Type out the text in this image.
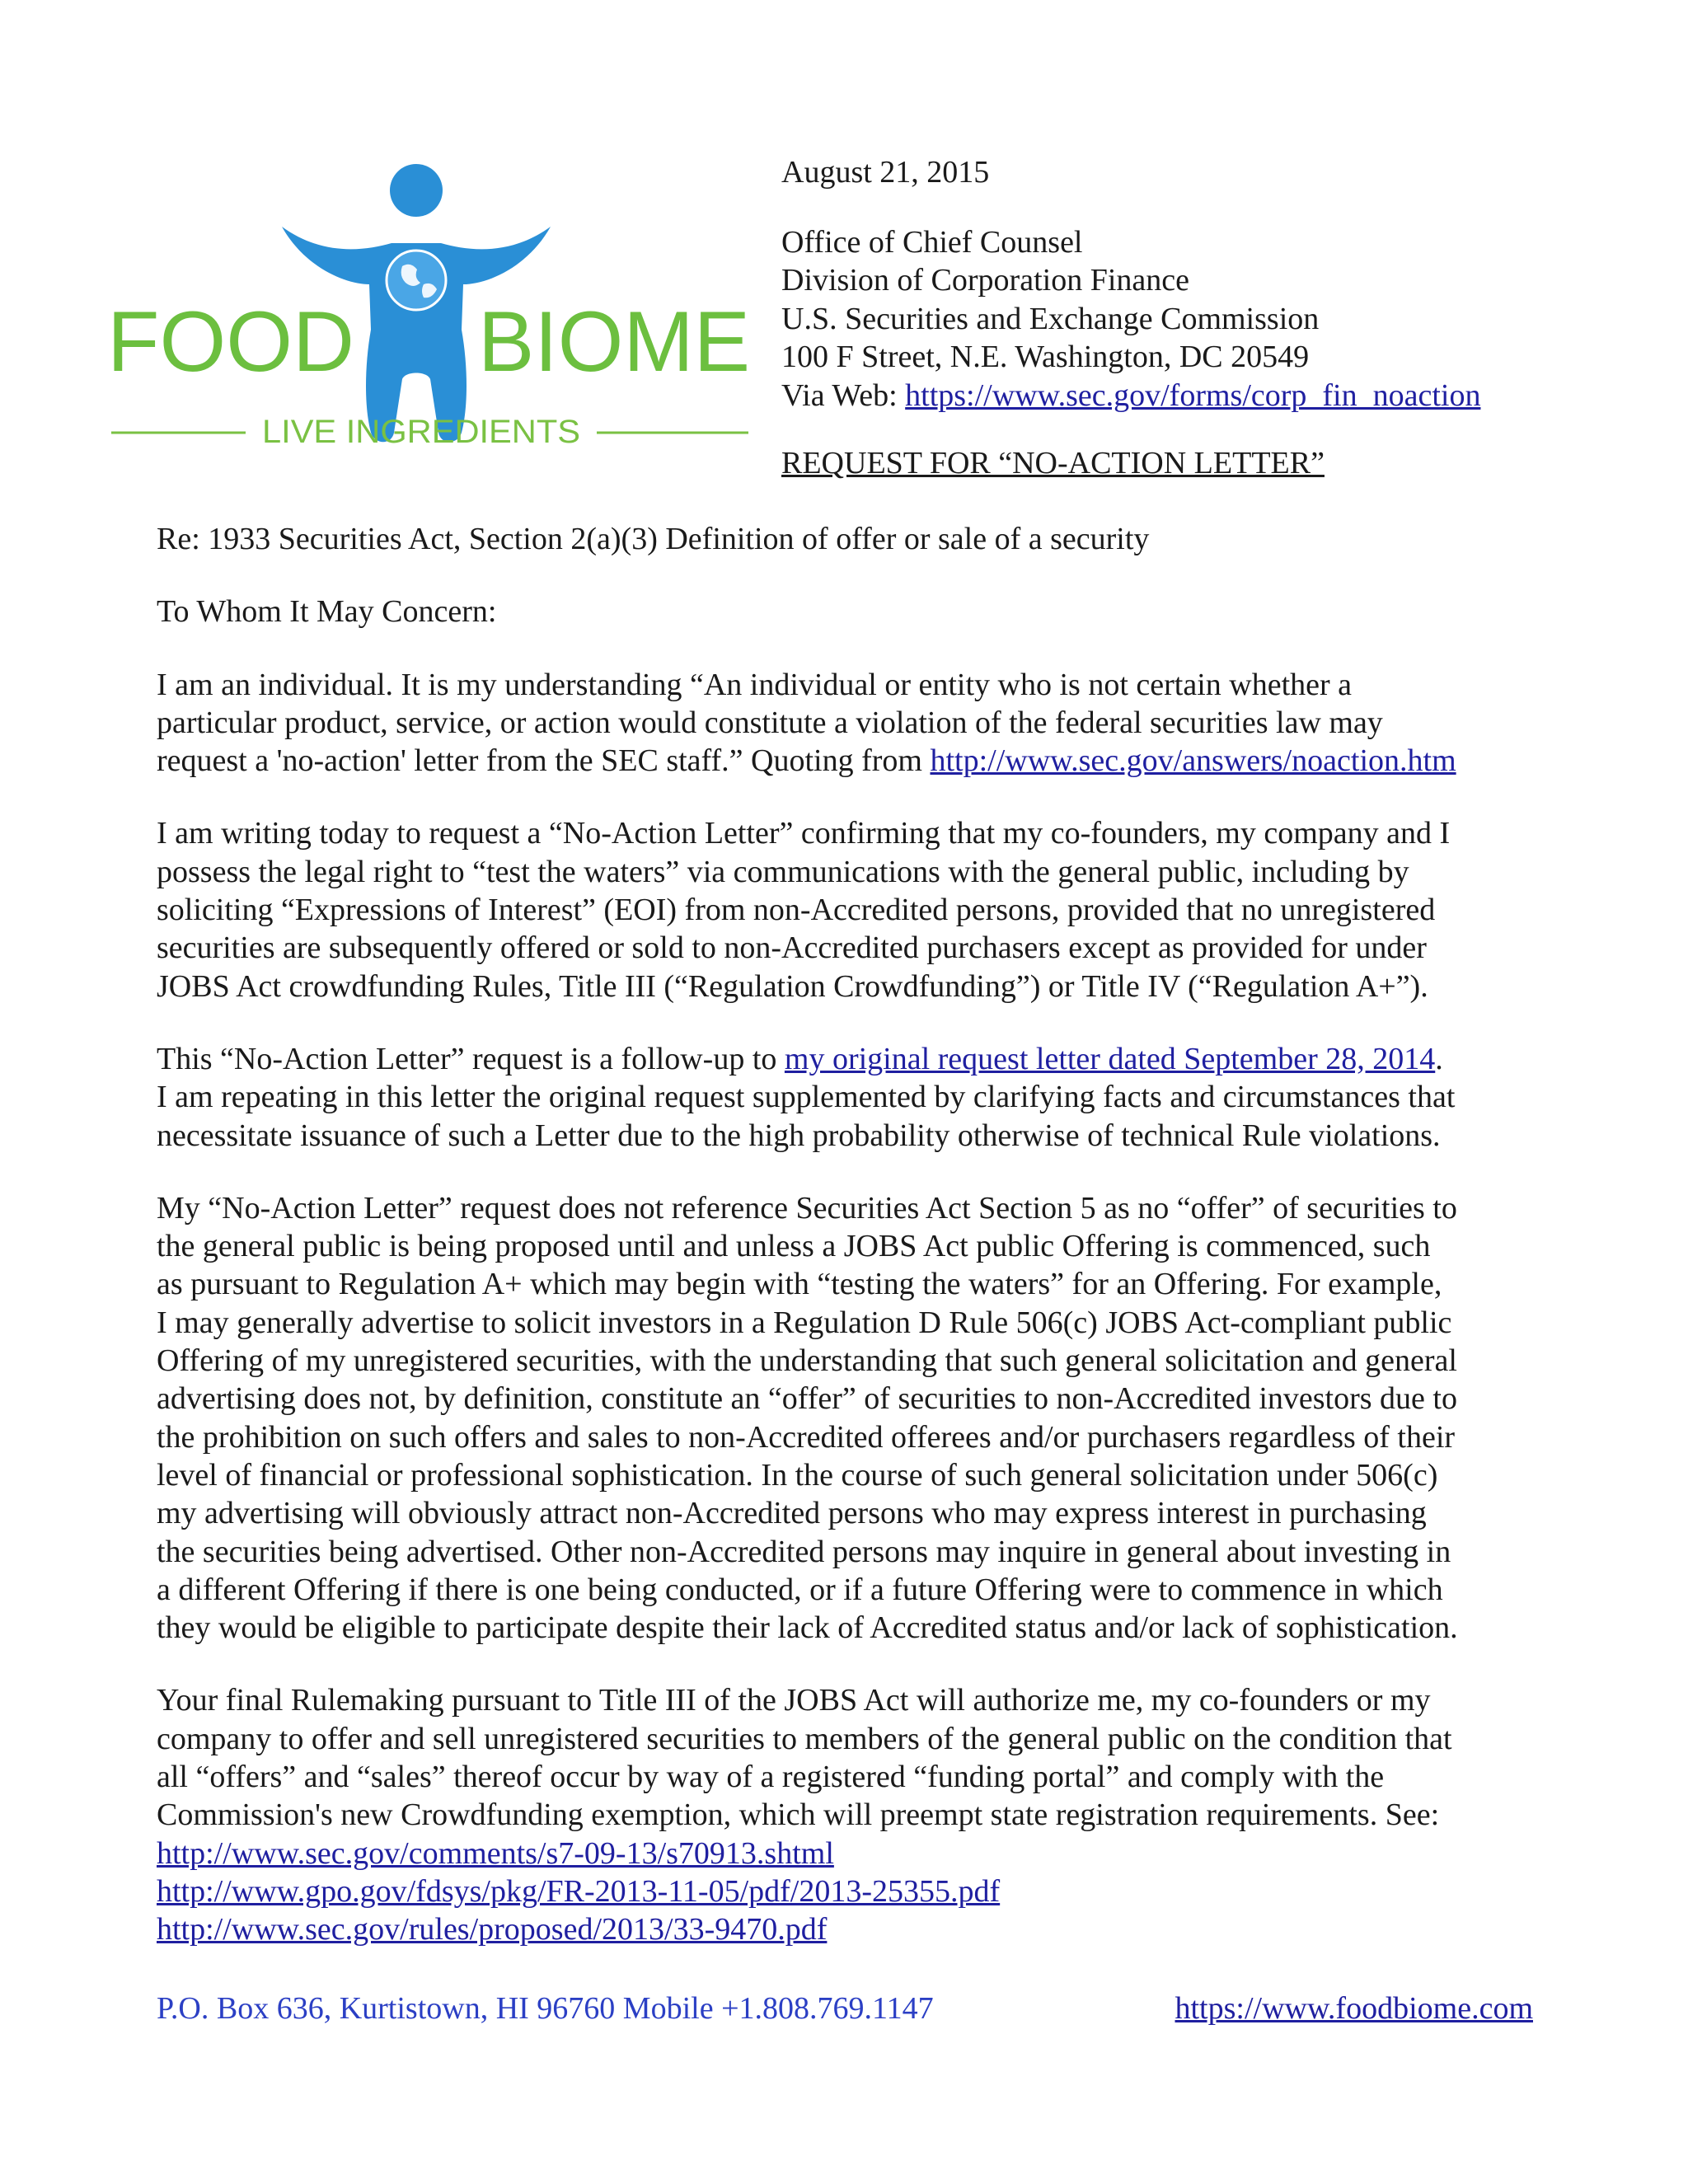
FOOD BIOME
LIVE INGREDIENTS
August 21, 2015
Office of Chief Counsel
Division of Corporation Finance
U.S. Securities and Exchange Commission
100 F Street, N.E. Washington, DC 20549
Via Web: https://www.sec.gov/forms/corp_fin_noaction
REQUEST FOR “NO-ACTION LETTER”

Re: 1933 Securities Act, Section 2(a)(3) Definition of offer or sale of a security

To Whom It May Concern:

I am an individual. It is my understanding “An individual or entity who is not certain whether a
particular product, service, or action would constitute a violation of the federal securities law may
request a 'no-action' letter from the SEC staff.” Quoting from http://www.sec.gov/answers/noaction.htm

I am writing today to request a “No-Action Letter” confirming that my co-founders, my company and I
possess the legal right to “test the waters” via communications with the general public, including by
soliciting “Expressions of Interest” (EOI) from non-Accredited persons, provided that no unregistered
securities are subsequently offered or sold to non-Accredited purchasers except as provided for under
JOBS Act crowdfunding Rules, Title III (“Regulation Crowdfunding”) or Title IV (“Regulation A+”).

This “No-Action Letter” request is a follow-up to my original request letter dated September 28, 2014.
I am repeating in this letter the original request supplemented by clarifying facts and circumstances that
necessitate issuance of such a Letter due to the high probability otherwise of technical Rule violations.

My “No-Action Letter” request does not reference Securities Act Section 5 as no “offer” of securities to
the general public is being proposed until and unless a JOBS Act public Offering is commenced, such
as pursuant to Regulation A+ which may begin with “testing the waters” for an Offering. For example,
I may generally advertise to solicit investors in a Regulation D Rule 506(c) JOBS Act-compliant public
Offering of my unregistered securities, with the understanding that such general solicitation and general
advertising does not, by definition, constitute an “offer” of securities to non-Accredited investors due to
the prohibition on such offers and sales to non-Accredited offerees and/or purchasers regardless of their
level of financial or professional sophistication. In the course of such general solicitation under 506(c)
my advertising will obviously attract non-Accredited persons who may express interest in purchasing
the securities being advertised. Other non-Accredited persons may inquire in general about investing in
a different Offering if there is one being conducted, or if a future Offering were to commence in which
they would be eligible to participate despite their lack of Accredited status and/or lack of sophistication.

Your final Rulemaking pursuant to Title III of the JOBS Act will authorize me, my co-founders or my
company to offer and sell unregistered securities to members of the general public on the condition that
all “offers” and “sales” thereof occur by way of a registered “funding portal” and comply with the
Commission's new Crowdfunding exemption, which will preempt state registration requirements. See:
http://www.sec.gov/comments/s7-09-13/s70913.shtml
http://www.gpo.gov/fdsys/pkg/FR-2013-11-05/pdf/2013-25355.pdf
http://www.sec.gov/rules/proposed/2013/33-9470.pdf

P.O. Box 636, Kurtistown, HI 96760 Mobile +1.808.769.1147	https://www.foodbiome.com
